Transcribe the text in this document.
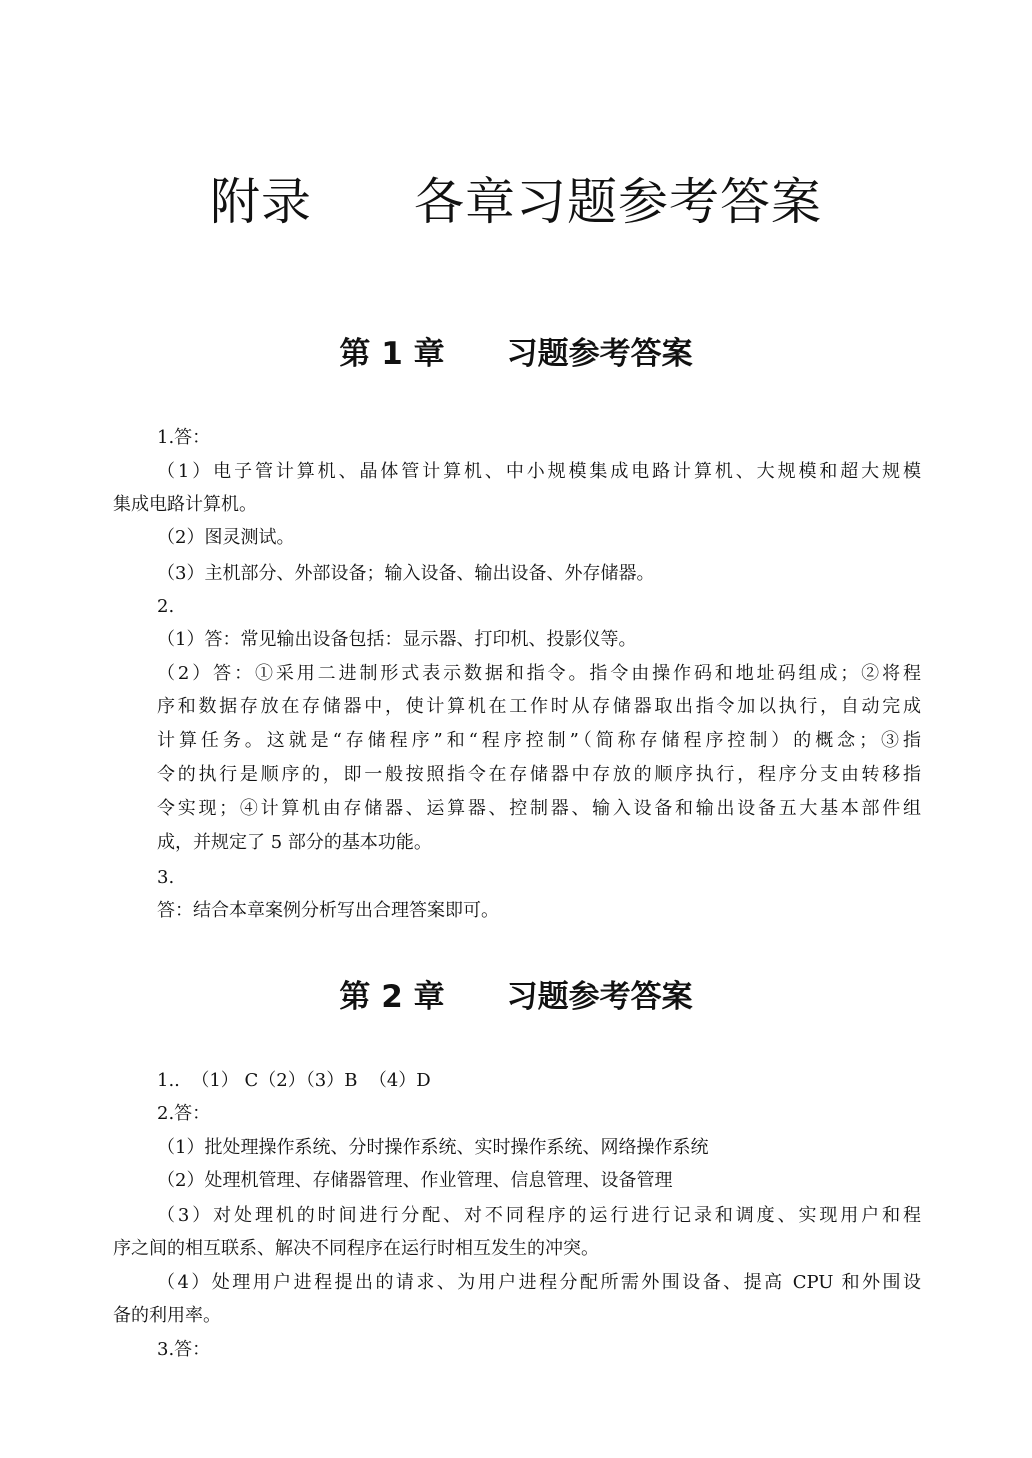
附录　　各章习题参考答案
第 1 章　　习题参考答案
1.答：
（1）电子管计算机、晶体管计算机、中小规模集成电路计算机、大规模和超大规模
集成电路计算机。
（2）图灵测试。
（3）主机部分、外部设备；输入设备、输出设备、外存储器。
2.
（1）答：常见输出设备包括：显示器、打印机、投影仪等。
（2）答：①采用二进制形式表示数据和指令。指令由操作码和地址码组成；②将程
序和数据存放在存储器中，使计算机在工作时从存储器取出指令加以执行，自动完成
计算任务。这就是“存储程序”和“程序控制”（简称存储程序控制）的概念；③指
令的执行是顺序的，即一般按照指令在存储器中存放的顺序执行，程序分支由转移指
令实现；④计算机由存储器、运算器、控制器、输入设备和输出设备五大基本部件组
成，并规定了 5 部分的基本功能。
3.
答：结合本章案例分析写出合理答案即可。
第 2 章　　习题参考答案
1..  （1） C（2）（3）B  （4）D
2.答：
（1）批处理操作系统、分时操作系统、实时操作系统、网络操作系统
（2）处理机管理、存储器管理、作业管理、信息管理、设备管理
（3）对处理机的时间进行分配、对不同程序的运行进行记录和调度、实现用户和程
序之间的相互联系、解决不同程序在运行时相互发生的冲突。
（4）处理用户进程提出的请求、为用户进程分配所需外围设备、提高 CPU 和外围设
备的利用率。
3.答：
